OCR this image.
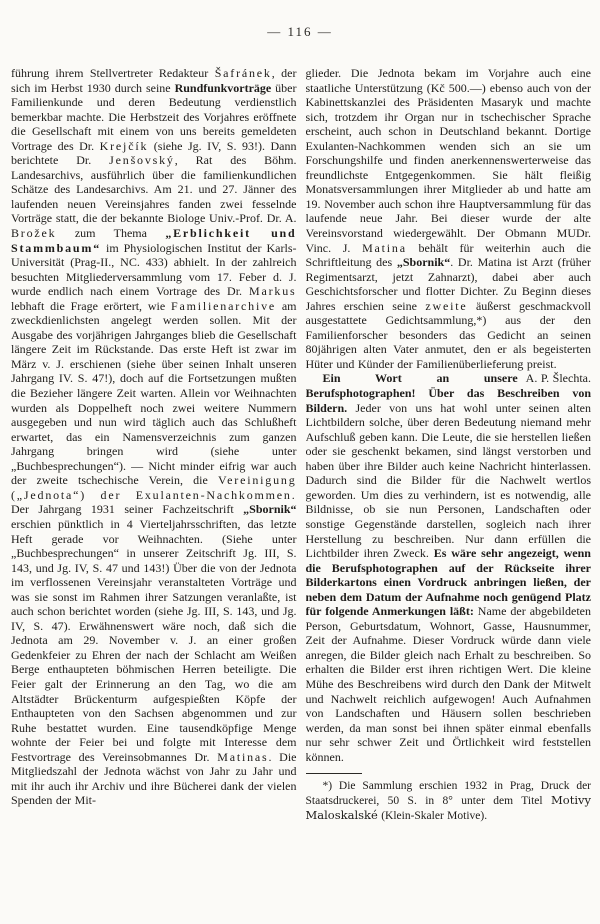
— 116 —

führung ihrem Stellvertreter Redakteur Šafránek, der sich im Herbst 1930 durch seine Rundfunkvorträge über Familienkunde und deren Bedeutung verdienstlich bemerkbar machte. Die Herbstzeit des Vorjahres eröffnete die Gesellschaft mit einem von uns bereits gemeldeten Vortrage des Dr. Krejčík (siehe Jg. IV, S. 93!). Dann berichtete Dr. Jenšovský, Rat des Böhm. Landesarchivs, ausführlich über die familienkundlichen Schätze des Landesarchivs. Am 21. und 27. Jänner des laufenden neuen Vereinsjahres fanden zwei fesselnde Vorträge statt, die der bekannte Biologe Univ.-Prof. Dr. A. Brožek zum Thema „Erblichkeit und Stammbaum“ im Physiologischen Institut der Karls-Universität (Prag-II., NC. 433) abhielt. In der zahlreich besuchten Mitgliederversammlung vom 17. Feber d. J. wurde endlich nach einem Vortrage des Dr. Markus lebhaft die Frage erörtert, wie Familienarchive am zweckdienlichsten angelegt werden sollen. Mit der Ausgabe des vorjährigen Jahrganges blieb die Gesellschaft längere Zeit im Rückstande. Das erste Heft ist zwar im März v. J. erschienen (siehe über seinen Inhalt unseren Jahrgang IV. S. 47!), doch auf die Fortsetzungen mußten die Bezieher längere Zeit warten. Allein vor Weihnachten wurden als Doppelheft noch zwei weitere Nummern ausgegeben und nun wird täglich auch das Schlußheft erwartet, das ein Namensverzeichnis zum ganzen Jahrgang bringen wird (siehe unter „Buchbesprechungen“). — Nicht minder eifrig war auch der zweite tschechische Verein, die Vereinigung („Jednota“) der Exulanten-Nachkommen. Der Jahrgang 1931 seiner Fachzeitschrift „Sbornik“ erschien pünktlich in 4 Vierteljahrsschriften, das letzte Heft gerade vor Weihnachten. (Siehe unter „Buchbesprechungen“ in unserer Zeitschrift Jg. III, S. 143, und Jg. IV, S. 47 und 143!) Über die von der Jednota im verflossenen Vereinsjahr veranstalteten Vorträge und was sie sonst im Rahmen ihrer Satzungen veranlaßte, ist auch schon berichtet worden (siehe Jg. III, S. 143, und Jg. IV, S. 47). Erwähnenswert wäre noch, daß sich die Jednota am 29. November v. J. an einer großen Gedenkfeier zu Ehren der nach der Schlacht am Weißen Berge enthaupteten böhmischen Herren beteiligte. Die Feier galt der Erinnerung an den Tag, wo die am Altstädter Brückenturm aufgespießten Köpfe der Enthaupteten von den Sachsen abgenommen und zur Ruhe bestattet wurden. Eine tausendköpfige Menge wohnte der Feier bei und folgte mit Interesse dem Festvortrage des Vereinsobmannes Dr. Matinas. Die Mitgliedszahl der Jednota wächst von Jahr zu Jahr und mit ihr auch ihr Archiv und ihre Bücherei dank der vielen Spenden der Mit-

glieder. Die Jednota bekam im Vorjahre auch eine staatliche Unterstützung (Kč 500.—) ebenso auch von der Kabinettskanzlei des Präsidenten Masaryk und machte sich, trotzdem ihr Organ nur in tschechischer Sprache erscheint, auch schon in Deutschland bekannt. Dortige Exulanten-Nachkommen wenden sich an sie um Forschungshilfe und finden anerkennenswerterweise das freundlichste Entgegenkommen. Sie hält fleißig Monatsversammlungen ihrer Mitglieder ab und hatte am 19. November auch schon ihre Hauptversammlung für das laufende neue Jahr. Bei dieser wurde der alte Vereinsvorstand wiedergewählt. Der Obmann MUDr. Vinc. J. Matina behält für weiterhin auch die Schriftleitung des „Sbornik“. Dr. Matina ist Arzt (früher Regimentsarzt, jetzt Zahnarzt), dabei aber auch Geschichtsforscher und flotter Dichter. Zu Beginn dieses Jahres erschien seine zweite äußerst geschmackvoll ausgestattete Gedichtsammlung,*) aus der den Familienforscher besonders das Gedicht an seinen 80jährigen alten Vater anmutet, den er als begeisterten Hüter und Künder der Familienüberlieferung preist.
A. P. Šlechta.

Ein Wort an unsere Berufsphotographen! Über das Beschreiben von Bildern. Jeder von uns hat wohl unter seinen alten Lichtbildern solche, über deren Bedeutung niemand mehr Aufschluß geben kann. Die Leute, die sie herstellen ließen oder sie geschenkt bekamen, sind längst verstorben und haben über ihre Bilder auch keine Nachricht hinterlassen. Dadurch sind die Bilder für die Nachwelt wertlos geworden. Um dies zu verhindern, ist es notwendig, alle Bildnisse, ob sie nun Personen, Landschaften oder sonstige Gegenstände darstellen, sogleich nach ihrer Herstellung zu beschreiben. Nur dann erfüllen die Lichtbilder ihren Zweck. Es wäre sehr angezeigt, wenn die Berufsphotographen auf der Rückseite ihrer Bilderkartons einen Vordruck anbringen ließen, der neben dem Datum der Aufnahme noch genügend Platz für folgende Anmerkungen läßt: Name der abgebildeten Person, Geburtsdatum, Wohnort, Gasse, Hausnummer, Zeit der Aufnahme. Dieser Vordruck würde dann viele anregen, die Bilder gleich nach Erhalt zu beschreiben. So erhalten die Bilder erst ihren richtigen Wert. Die kleine Mühe des Beschreibens wird durch den Dank der Mitwelt und Nachwelt reichlich aufgewogen! Auch Aufnahmen von Landschaften und Häusern sollen beschrieben werden, da man sonst bei ihnen später einmal ebenfalls nur sehr schwer Zeit und Örtlichkeit wird feststellen können.

*) Die Sammlung erschien 1932 in Prag, Druck der Staatsdruckerei, 50 S. in 8° unter dem Titel Motivy Maloskalské (Klein-Skaler Motive).
